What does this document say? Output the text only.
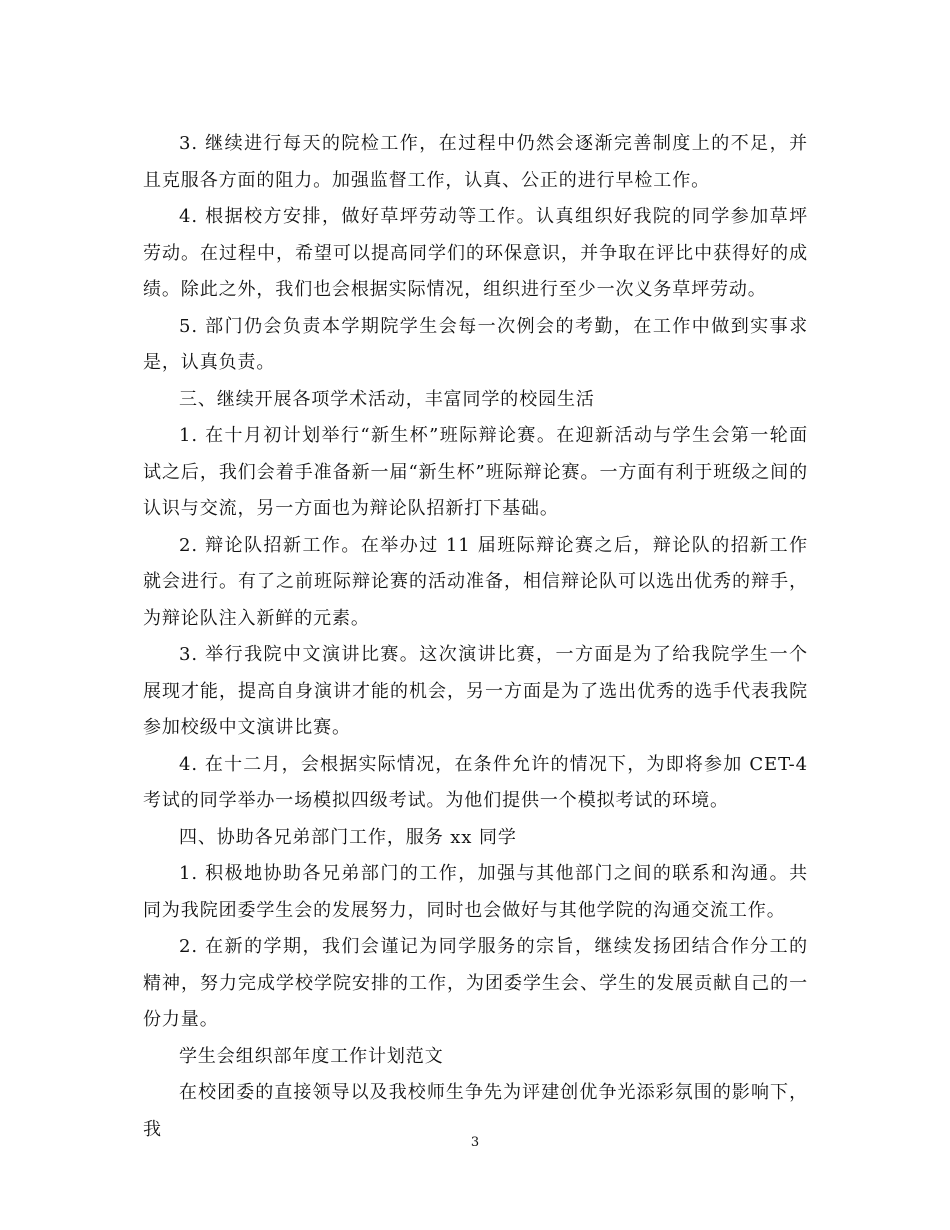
3. 继续进行每天的院检工作，在过程中仍然会逐渐完善制度上的不足，并且克服各方面的阻力。加强监督工作，认真、公正的进行早检工作。

4. 根据校方安排，做好草坪劳动等工作。认真组织好我院的同学参加草坪劳动。在过程中，希望可以提高同学们的环保意识，并争取在评比中获得好的成绩。除此之外，我们也会根据实际情况，组织进行至少一次义务草坪劳动。

5. 部门仍会负责本学期院学生会每一次例会的考勤，在工作中做到实事求是，认真负责。

三、继续开展各项学术活动，丰富同学的校园生活

1. 在十月初计划举行“新生杯”班际辩论赛。在迎新活动与学生会第一轮面试之后，我们会着手准备新一届“新生杯”班际辩论赛。一方面有利于班级之间的认识与交流，另一方面也为辩论队招新打下基础。

2. 辩论队招新工作。在举办过 11 届班际辩论赛之后，辩论队的招新工作就会进行。有了之前班际辩论赛的活动准备，相信辩论队可以选出优秀的辩手，为辩论队注入新鲜的元素。

3. 举行我院中文演讲比赛。这次演讲比赛，一方面是为了给我院学生一个展现才能，提高自身演讲才能的机会，另一方面是为了选出优秀的选手代表我院参加校级中文演讲比赛。

4. 在十二月，会根据实际情况，在条件允许的情况下，为即将参加 CET-4 考试的同学举办一场模拟四级考试。为他们提供一个模拟考试的环境。

四、协助各兄弟部门工作，服务 xx 同学

1. 积极地协助各兄弟部门的工作，加强与其他部门之间的联系和沟通。共同为我院团委学生会的发展努力，同时也会做好与其他学院的沟通交流工作。

2. 在新的学期，我们会谨记为同学服务的宗旨，继续发扬团结合作分工的精神，努力完成学校学院安排的工作，为团委学生会、学生的发展贡献自己的一份力量。

学生会组织部年度工作计划范文

在校团委的直接领导以及我校师生争先为评建创优争光添彩氛围的影响下，我

3
